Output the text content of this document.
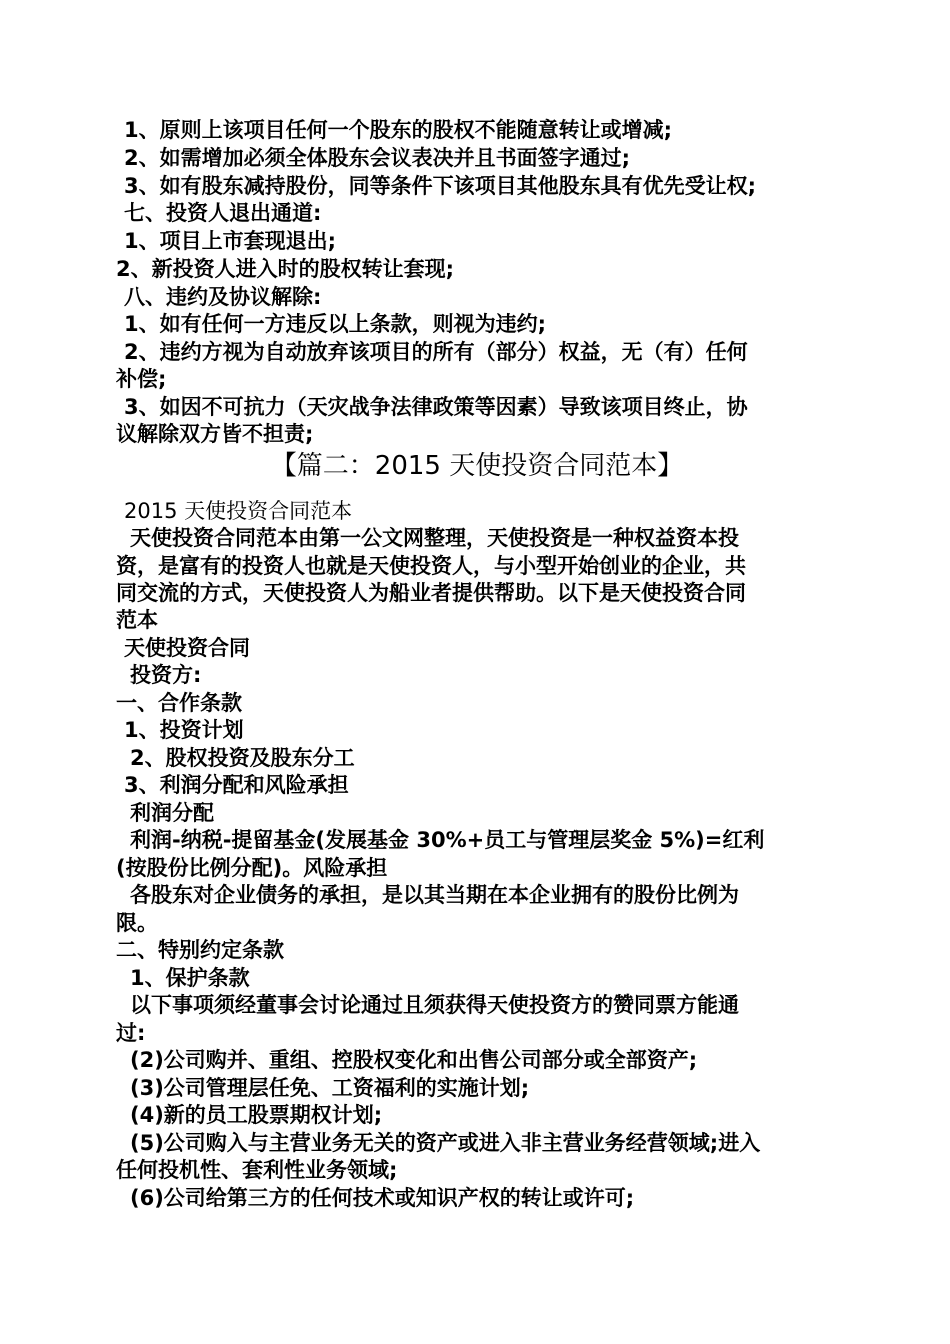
1、原则上该项目任何一个股东的股权不能随意转让或增减;
2、如需增加必须全体股东会议表决并且书面签字通过;
3、如有股东减持股份，同等条件下该项目其他股东具有优先受让权;
七、投资人退出通道:
1、项目上市套现退出;
2、新投资人进入时的股权转让套现;
八、违约及协议解除:
1、如有任何一方违反以上条款，则视为违约;
2、违约方视为自动放弃该项目的所有（部分）权益，无（有）任何
补偿;
3、如因不可抗力（天灾战争法律政策等因素）导致该项目终止，协
议解除双方皆不担责;
【篇二：2015 天使投资合同范本】
2015 天使投资合同范本
天使投资合同范本由第一公文网整理，天使投资是一种权益资本投
资，是富有的投资人也就是天使投资人，与小型开始创业的企业，共
同交流的方式，天使投资人为船业者提供帮助。以下是天使投资合同
范本
天使投资合同
投资方:
一、合作条款
1、投资计划
2、股权投资及股东分工
3、利润分配和风险承担
利润分配
利润-纳税-提留基金(发展基金 30%+员工与管理层奖金 5%)=红利
(按股份比例分配)。风险承担
各股东对企业债务的承担，是以其当期在本企业拥有的股份比例为
限。
二、特别约定条款
1、保护条款
以下事项须经董事会讨论通过且须获得天使投资方的赞同票方能通
过:
(2)公司购并、重组、控股权变化和出售公司部分或全部资产;
(3)公司管理层任免、工资福利的实施计划;
(4)新的员工股票期权计划;
(5)公司购入与主营业务无关的资产或进入非主营业务经营领域;进入
任何投机性、套利性业务领域;
(6)公司给第三方的任何技术或知识产权的转让或许可;
